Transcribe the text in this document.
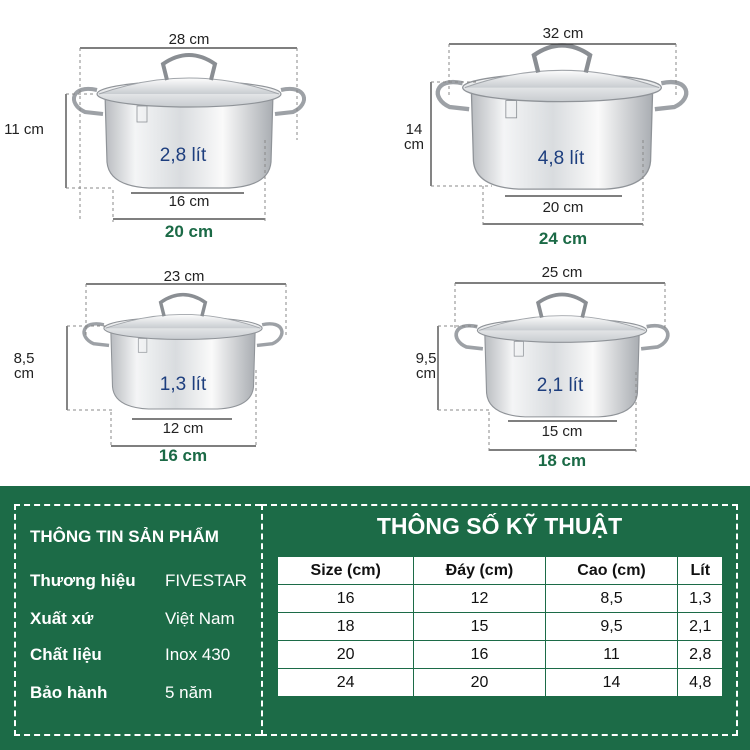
28 cm
11 cm
2,8 lít
16 cm
20 cm
32 cm
14 cm
4,8 lít
20 cm
24 cm
23 cm
8,5 cm
1,3 lít
12 cm
16 cm
25 cm
9,5 cm
2,1 lít
15 cm
18 cm
THÔNG TIN SẢN PHẨM
Thương hiệu FIVESTAR
Xuất xứ	Việt Nam
Chất liệu	Inox 430
Bảo hành	5 năm
THÔNG SỐ KỸ THUẬT
Size (cm)	Đáy (cm)	Cao (cm)	Lít
16	12	8,5	1,3
18	15	9,5	2,1
20	16	11	2,8
24	20	14	4,8
